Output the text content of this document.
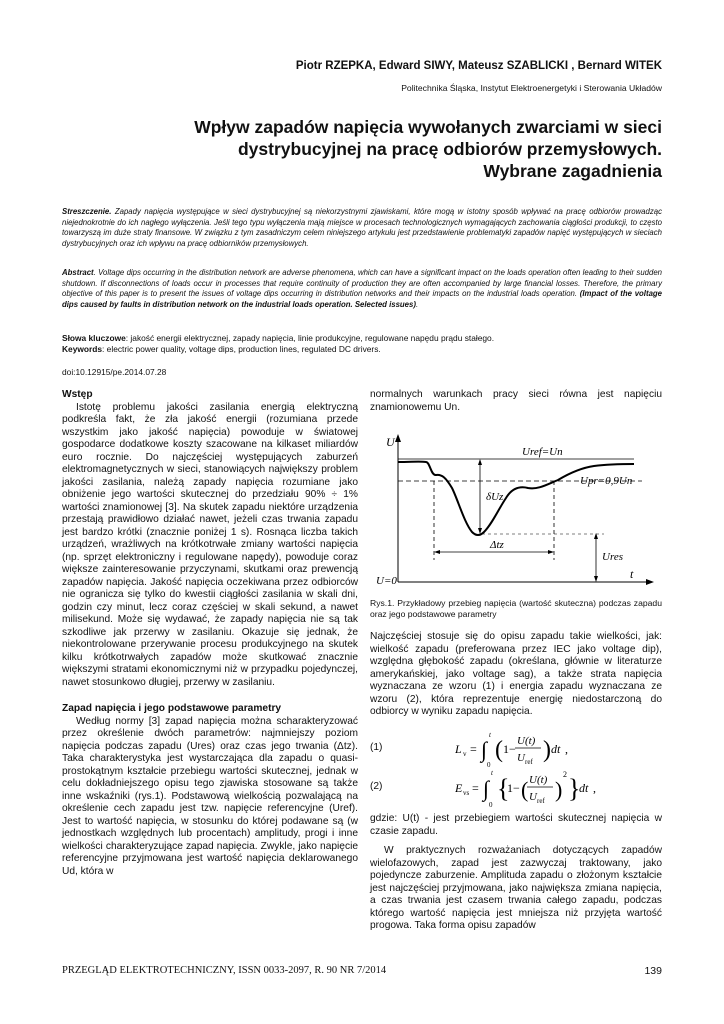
Piotr RZEPKA, Edward SIWY, Mateusz SZABLICKI , Bernard WITEK
Politechnika Śląska, Instytut Elektroenergetyki i Sterowania Układów
Wpływ zapadów napięcia wywołanych zwarciami w sieci
dystrybucyjnej na pracę odbiorów przemysłowych.
Wybrane zagadnienia
Streszczenie. Zapady napięcia występujące w sieci dystrybucyjnej są niekorzystnymi zjawiskami, które mogą w istotny sposób wpływać na pracę odbiorów prowadząc niejednokrotnie do ich nagłego wyłączenia. Jeśli tego typu wyłączenia mają miejsce w procesach technologicznych wymagających zachowania ciągłości produkcji, to często towarzyszą im duże straty finansowe. W związku z tym zasadniczym celem niniejszego artykułu jest przedstawienie problematyki zapadów napięć występujących w sieciach dystrybucyjnych oraz ich wpływu na pracę odbiorników przemysłowych.
Abstract. Voltage dips occurring in the distribution network are adverse phenomena, which can have a significant impact on the loads operation often leading to their sudden shutdown. If disconnections of loads occur in processes that require continuity of production they are often accompanied by large financial losses. Therefore, the primary objective of this paper is to present the issues of voltage dips occurring in distribution networks and their impacts on the industrial loads operation. (Impact of the voltage dips caused by faults in distribution network on the industrial loads operation. Selected issues).
Słowa kluczowe: jakość energii elektrycznej, zapady napięcia, linie produkcyjne, regulowane napędu prądu stałego.
Keywords: electric power quality, voltage dips, production lines, regulated DC drivers.
doi:10.12915/pe.2014.07.28
Wstęp
Istotę problemu jakości zasilania energią elektryczną podkreśla fakt, że zła jakość energii (rozumiana przede wszystkim jako jakość napięcia) powoduje w światowej gospodarce dodatkowe koszty szacowane na kilkaset miliardów euro rocznie. Do najczęściej występujących zaburzeń elektromagnetycznych w sieci, stanowiących największy problem jakości zasilania, należą zapady napięcia rozumiane jako obniżenie jego wartości skutecznej do przedziału 90% ÷ 1% wartości znamionowej [3]. Na skutek zapadu niektóre urządzenia przestają prawidłowo działać nawet, jeżeli czas trwania zapadu jest bardzo krótki (znacznie poniżej 1 s). Rosnąca liczba takich urządzeń, wrażliwych na krótkotrwałe zmiany wartości napięcia (np. sprzęt elektroniczny i regulowane napędy), powoduje coraz większe zainteresowanie przyczynami, skutkami oraz prewencją zapadów napięcia. Jakość napięcia oczekiwana przez odbiorców nie ogranicza się tylko do kwestii ciągłości zasilania w skali dni, godzin czy minut, lecz coraz częściej w skali sekund, a nawet milisekund. Może się wydawać, że zapady napięcia nie są tak szkodliwe jak przerwy w zasilaniu. Okazuje się jednak, że niekontrolowane przerywanie procesu produkcyjnego na skutek kilku krótkotrwałych zapadów może skutkować znacznie większymi stratami ekonomicznymi niż w przypadku pojedynczej, nawet stosunkowo długiej, przerwy w zasilaniu.
Zapad napięcia i jego podstawowe parametry
Według normy [3] zapad napięcia można scharakteryzować przez określenie dwóch parametrów: najmniejszy poziom napięcia podczas zapadu (Ures) oraz czas jego trwania (Δtz). Taka charakterystyka jest wystarczająca dla zapadu o quasi-prostokątnym kształcie przebiegu wartości skutecznej, jednak w celu dokładniejszego opisu tego zjawiska stosowane są także inne wskaźniki (rys.1). Podstawową wielkością pozwalającą na określenie cech zapadu jest tzw. napięcie referencyjne (Uref). Jest to wartość napięcia, w stosunku do której podawane są (w jednostkach względnych lub procentach) amplitudy, progi i inne wielkości charakteryzujące zapad napięcia. Zwykle, jako napięcie referencyjne przyjmowana jest wartość napięcia deklarowanego Ud, która w
normalnych warunkach pracy sieci równa jest napięciu znamionowemu Un.
U
t
U=0
Uref=Un
Upr=0,9Un
δUz
Δtz
Ures
Rys.1. Przykładowy przebieg napięcia (wartość skuteczna) podczas zapadu oraz jego podstawowe parametry
Najczęściej stosuje się do opisu zapadu takie wielkości, jak: wielkość zapadu (preferowana przez IEC jako voltage dip), względna głębokość zapadu (określana, głównie w literaturze amerykańskiej, jako voltage sag), a także strata napięcia wyznaczana ze wzoru (1) i energia zapadu wyznaczana ze wzoru (2), która reprezentuje energię niedostarczoną do odbiorcy w wyniku zapadu napięcia.
(1)	L v = ∫
t
0
( 1−
U(t)
U ref ) dt ,
(2)	E vs = ∫
t
0
{
1− ( U(t)
U ref )
2 }
dt ,
gdzie: U(t) - jest przebiegiem wartości skutecznej napięcia w czasie zapadu.
W praktycznych rozważaniach dotyczących zapadów wielofazowych, zapad jest zazwyczaj traktowany, jako pojedyncze zaburzenie. Amplituda zapadu o złożonym kształcie jest najczęściej przyjmowana, jako największa zmiana napięcia, a czas trwania jest czasem trwania całego zapadu, podczas którego wartość napięcia jest mniejsza niż przyjęta wartość progowa. Taka forma opisu zapadów
PRZEGLĄD ELEKTROTECHNICZNY, ISSN 0033-2097, R. 90 NR 7/2014	139
